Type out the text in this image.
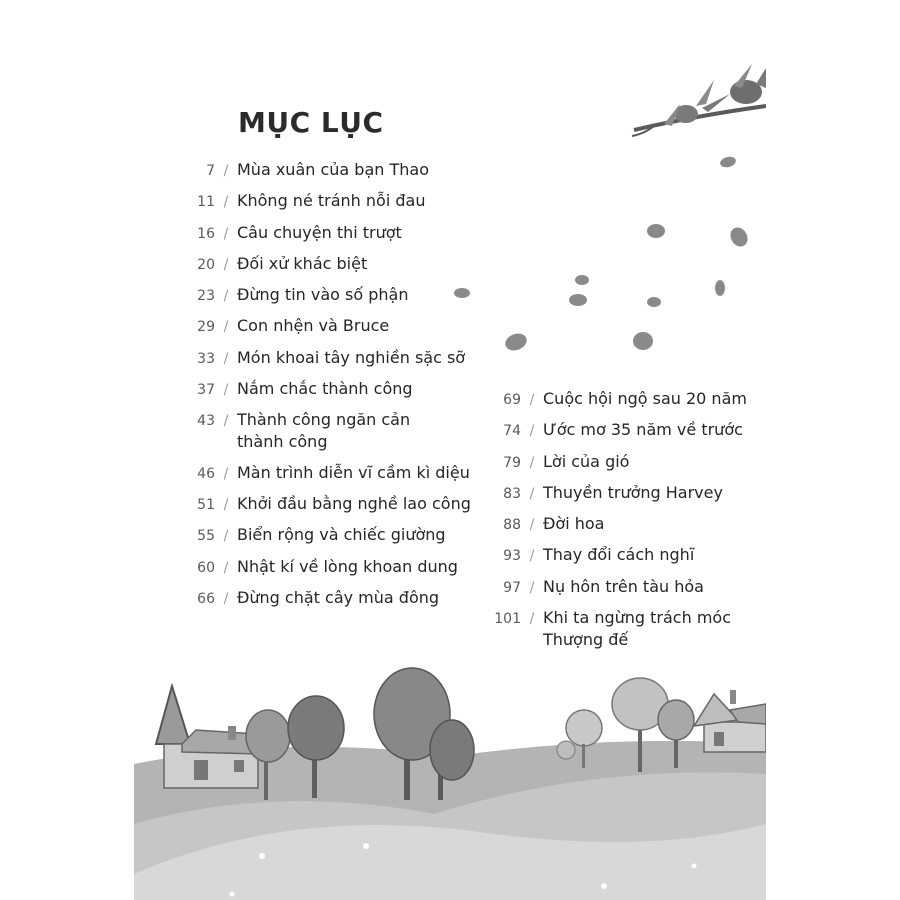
MỤC LỤC
7 / Mùa xuân của bạn Thao
11 / Không né tránh nỗi đau
16 / Câu chuyện thi trượt
20 / Đối xử khác biệt
23 / Đừng tin vào số phận
29 / Con nhện và Bruce
33 / Món khoai tây nghiền sặc sỡ
37 / Nắm chắc thành công
43 / Thành công ngăn cản thành công
46 / Màn trình diễn vĩ cầm kì diệu
51 / Khởi đầu bằng nghề lao công
55 / Biển rộng và chiếc giường
60 / Nhật kí về lòng khoan dung
66 / Đừng chặt cây mùa đông
69 / Cuộc hội ngộ sau 20 năm
74 / Ước mơ 35 năm về trước
79 / Lời của gió
83 / Thuyền trưởng Harvey
88 / Đời hoa
93 / Thay đổi cách nghĩ
97 / Nụ hôn trên tàu hỏa
101 / Khi ta ngừng trách móc Thượng đế
